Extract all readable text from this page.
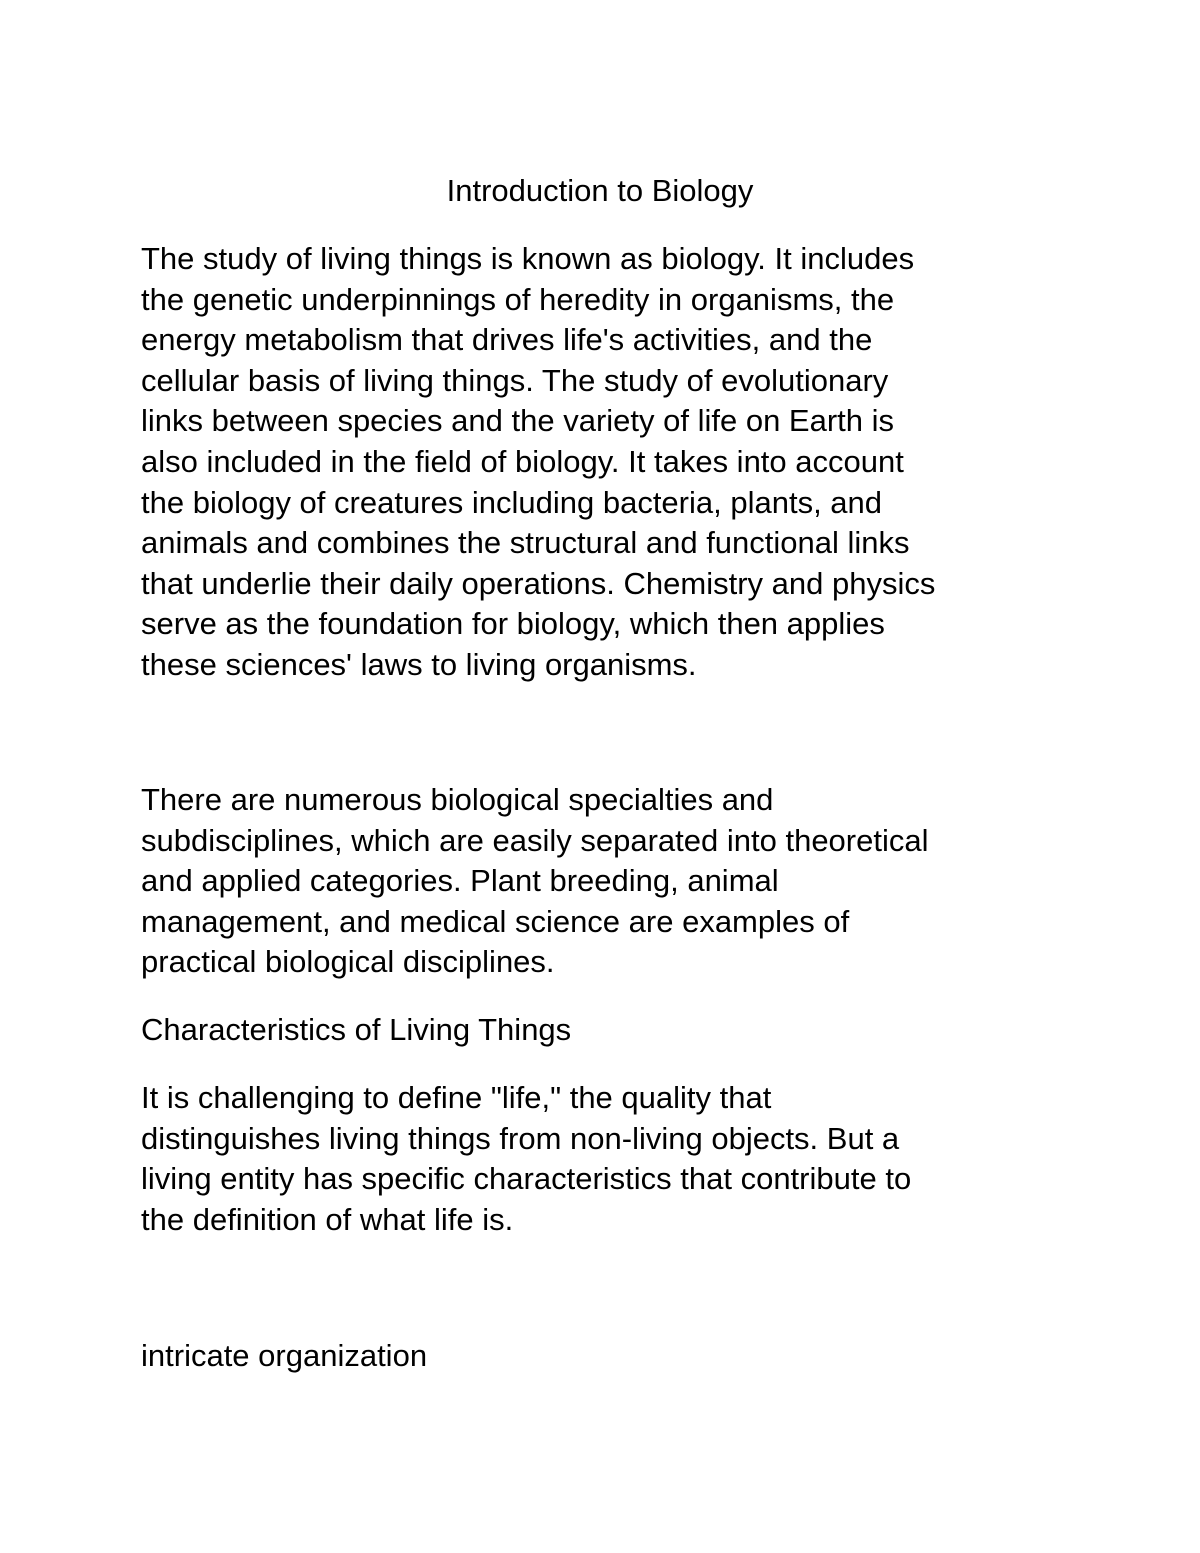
Introduction to Biology

The study of living things is known as biology. It includes
the genetic underpinnings of heredity in organisms, the
energy metabolism that drives life's activities, and the
cellular basis of living things. The study of evolutionary
links between species and the variety of life on Earth is
also included in the field of biology. It takes into account
the biology of creatures including bacteria, plants, and
animals and combines the structural and functional links
that underlie their daily operations. Chemistry and physics
serve as the foundation for biology, which then applies
these sciences' laws to living organisms.

There are numerous biological specialties and
subdisciplines, which are easily separated into theoretical
and applied categories. Plant breeding, animal
management, and medical science are examples of
practical biological disciplines.

Characteristics of Living Things

It is challenging to define "life," the quality that
distinguishes living things from non-living objects. But a
living entity has specific characteristics that contribute to
the definition of what life is.

intricate organization
